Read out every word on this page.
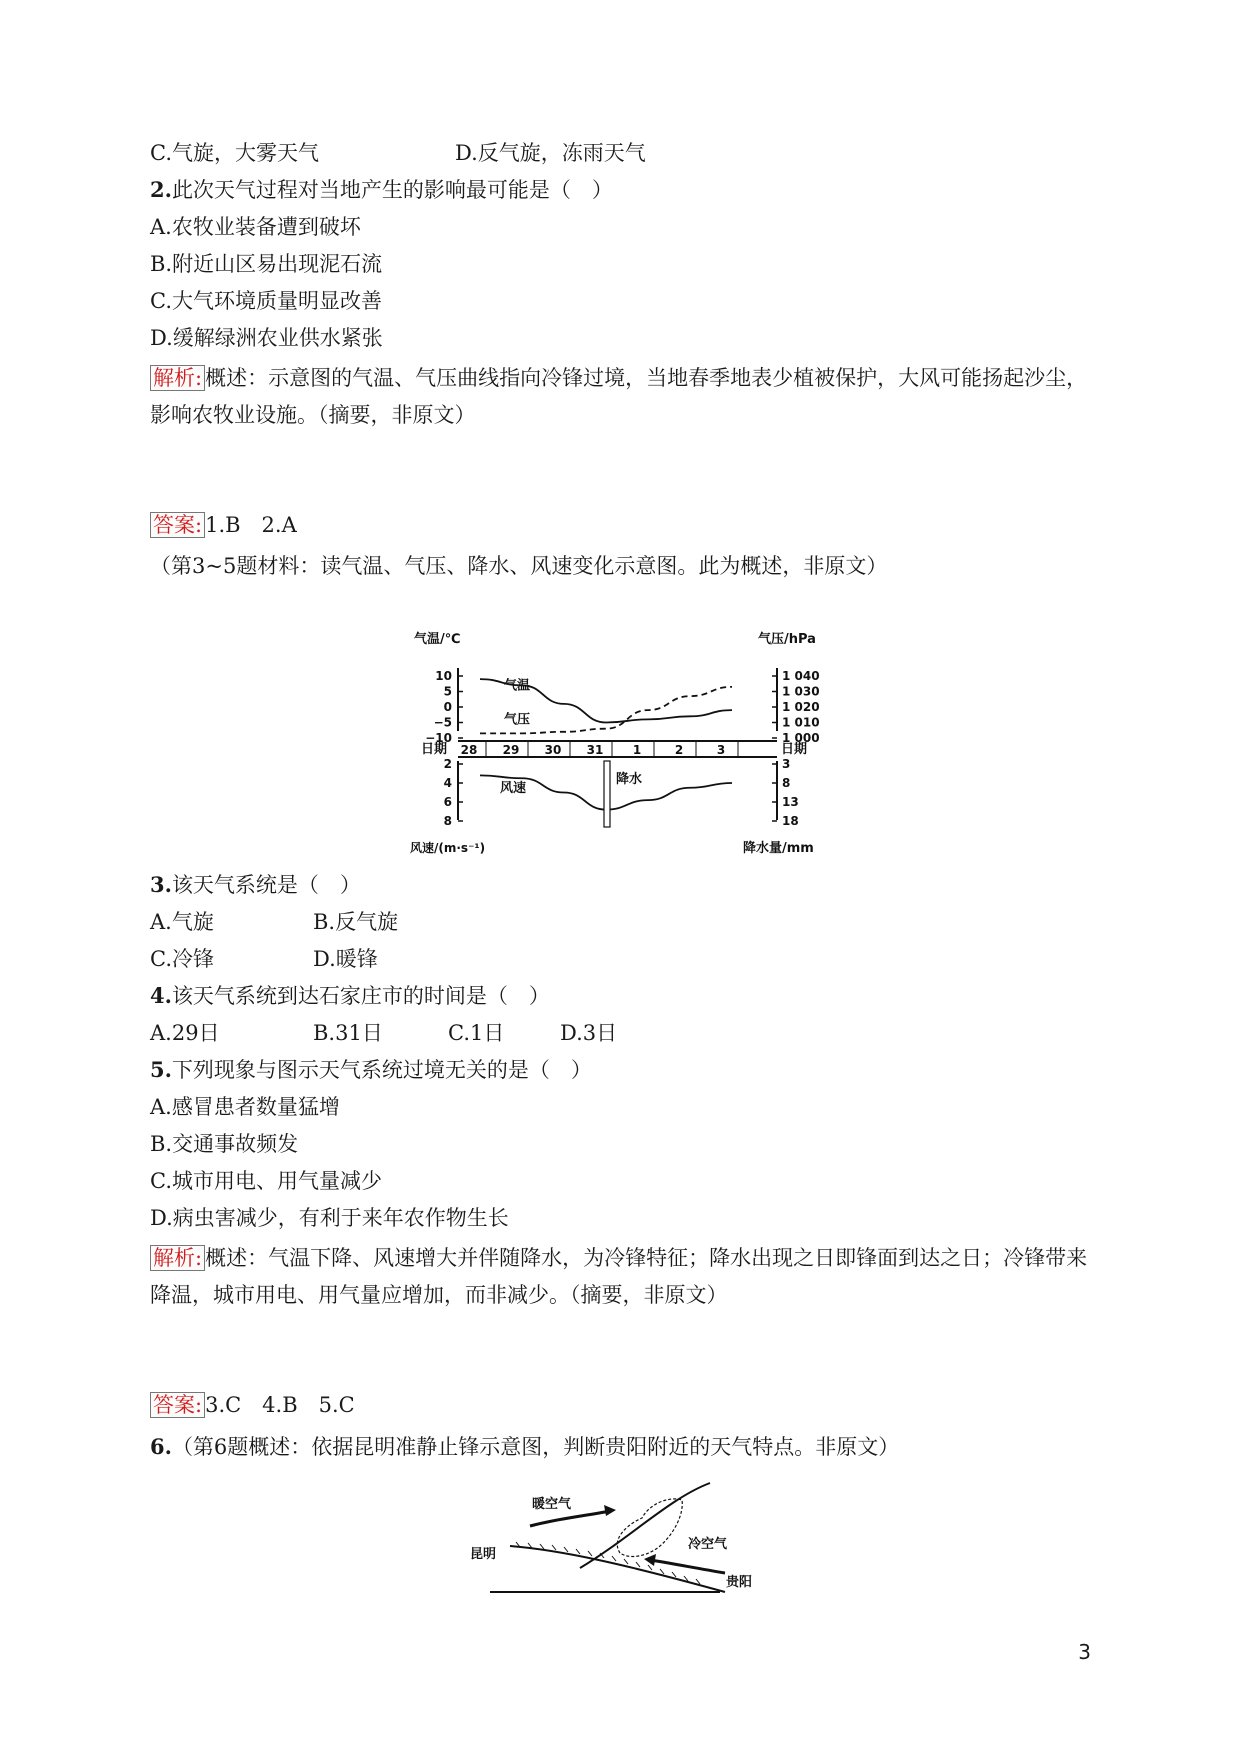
C.气旋，大雾天气	D.反气旋，冻雨天气
2.此次天气过程对当地产生的影响最可能是（　）
A.农牧业装备遭到破坏
B.附近山区易出现泥石流
C.大气环境质量明显改善
D.缓解绿洲农业供水紧张
解析: 概述：示意图的气温、气压曲线指向冷锋过境，当地春季地表少植被保护，大风可能扬起沙尘，影响农牧业设施。（摘要，非原文）
答案: 1.B　2.A
（第3~5题材料：读气温、气压、降水、风速变化示意图。此为概述，非原文）
气温/℃	气压/hPa
风速/(m·s⁻¹)	降水量/mm
日期	日期
10
5
0
−5
−10
1 040
1 030
1 020
1 010
1 000
2
4
6
8
3
8
13
18
28 29 30 31 1	2	3
气温
气压
风速
降水
3.该天气系统是（　）
A.气旋	B.反气旋
C.冷锋	D.暖锋
4.该天气系统到达石家庄市的时间是（　）
A.29日	B.31日	C.1日	D.3日
5.下列现象与图示天气系统过境无关的是（　）
A.感冒患者数量猛增
B.交通事故频发
C.城市用电、用气量减少
D.病虫害减少，有利于来年农作物生长
解析: 概述：气温下降、风速增大并伴随降水，为冷锋特征；降水出现之日即锋面到达之日；冷锋带来降温，城市用电、用气量应增加，而非减少。（摘要，非原文）
答案: 3.C　4.B　5.C
6.（第6题概述：依据昆明准静止锋示意图，判断贵阳附近的天气特点。非原文）
暖空气
冷空气
昆明
贵阳
3
